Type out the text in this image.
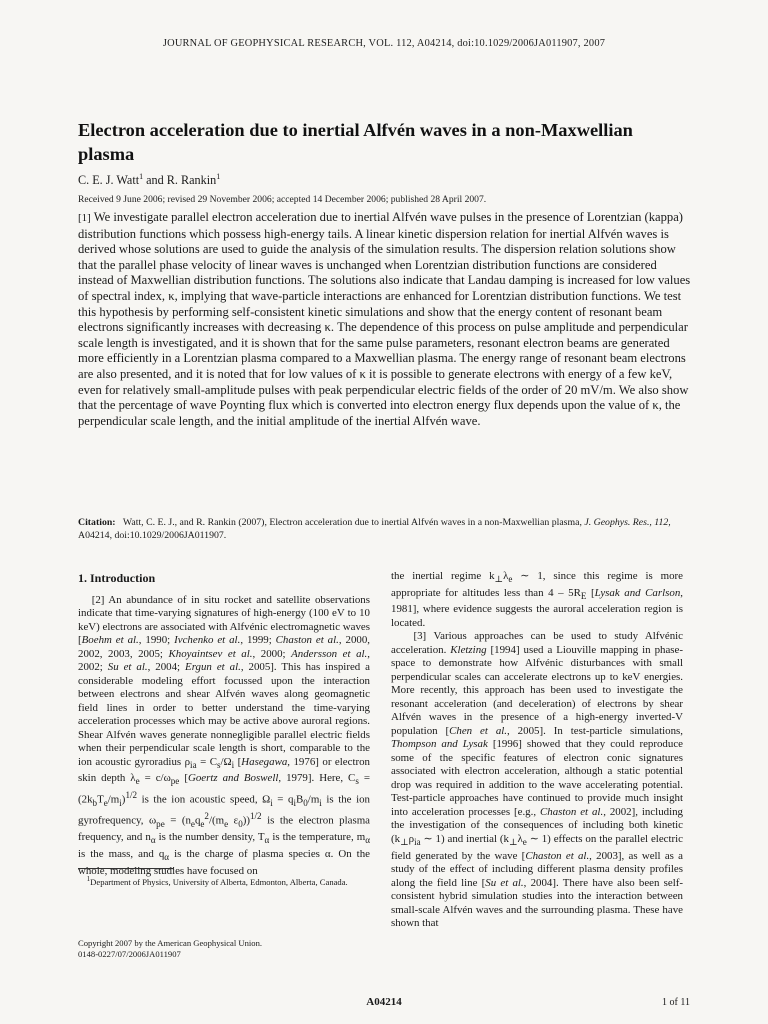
JOURNAL OF GEOPHYSICAL RESEARCH, VOL. 112, A04214, doi:10.1029/2006JA011907, 2007
Electron acceleration due to inertial Alfvén waves in a non-Maxwellian plasma
C. E. J. Watt$^1$ and R. Rankin$^1$
Received 9 June 2006; revised 29 November 2006; accepted 14 December 2006; published 28 April 2007.
[1] We investigate parallel electron acceleration due to inertial Alfvén wave pulses in the presence of Lorentzian (kappa) distribution functions which possess high-energy tails. A linear kinetic dispersion relation for inertial Alfvén waves is derived whose solutions are used to guide the analysis of the simulation results. The dispersion relation solutions show that the parallel phase velocity of linear waves is unchanged when Lorentzian distribution functions are considered instead of Maxwellian distribution functions. The solutions also indicate that Landau damping is increased for low values of spectral index, κ, implying that wave-particle interactions are enhanced for Lorentzian distribution functions. We test this hypothesis by performing self-consistent kinetic simulations and show that the energy content of resonant beam electrons significantly increases with decreasing κ. The dependence of this process on pulse amplitude and perpendicular scale length is investigated, and it is shown that for the same pulse parameters, resonant electron beams are generated more efficiently in a Lorentzian plasma compared to a Maxwellian plasma. The energy range of resonant beam electrons are also presented, and it is noted that for low values of κ it is possible to generate electrons with energy of a few keV, even for relatively small-amplitude pulses with peak perpendicular electric fields of the order of 20 mV/m. We also show that the percentage of wave Poynting flux which is converted into electron energy flux depends upon the value of κ, the perpendicular scale length, and the initial amplitude of the inertial Alfvén wave.
Citation: Watt, C. E. J., and R. Rankin (2007), Electron acceleration due to inertial Alfvén waves in a non-Maxwellian plasma, J. Geophys. Res., 112, A04214, doi:10.1029/2006JA011907.
1. Introduction

[2] An abundance of in situ rocket and satellite observations indicate that time-varying signatures of high-energy (100 eV to 10 keV) electrons are associated with Alfvénic electromagnetic waves [Boehm et al., 1990; Ivchenko et al., 1999; Chaston et al., 2000, 2002, 2003, 2005; Khoyaintsev et al., 2000; Andersson et al., 2002; Su et al., 2004; Ergun et al., 2005]. This has inspired a considerable modeling effort focussed upon the interaction between electrons and shear Alfvén waves along geomagnetic field lines in order to better understand the time-varying acceleration processes which may be active above auroral regions. Shear Alfvén waves generate nonnegligible parallel electric fields when their perpendicular scale length is short, comparable to the ion acoustic gyroradius $\rho_{ia} = C_s/\Omega_i$ [Hasegawa, 1976] or electron skin depth $\lambda_e = c/\omega_{pe}$ [Goertz and Boswell, 1979]. Here, $C_s = (2k_bT_e/m_i)^{1/2}$ is the ion acoustic speed, $\Omega_i = q_iB_0/m_i$ is the ion gyrofrequency, $\omega_{pe} = (n_eq_e^2/(m_e$ $\varepsilon_0))^{1/2}$ is the electron plasma frequency, and $n_\alpha$ is the number density, $T_\alpha$ is the temperature, $m_\alpha$ is the mass, and $q_\alpha$ is the charge of plasma species α. On the whole, modeling studies have focused on

the inertial regime $k_\perp\lambda_e$ ∼ 1, since this regime is more appropriate for altitudes less than $4 - 5R_E$ [Lysak and Carlson, 1981], where evidence suggests the auroral acceleration region is located.

[3] Various approaches can be used to study Alfvénic acceleration. Kletzing [1994] used a Liouville mapping in phase-space to demonstrate how Alfvénic disturbances with small perpendicular scales can accelerate electrons up to keV energies. More recently, this approach has been used to investigate the resonant acceleration (and deceleration) of electrons by shear Alfvén waves in the presence of a high-energy inverted-V population [Chen et al., 2005]. In test-particle simulations, Thompson and Lysak [1996] showed that they could reproduce some of the specific features of electron conic signatures associated with electron acceleration, although a static potential drop was required in addition to the wave accelerating potential. Test-particle approaches have continued to provide much insight into acceleration processes [e.g., Chaston et al., 2002], including the investigation of the consequences of including both kinetic ($k_\perp\rho_{ia}$ ∼ 1) and inertial ($k_\perp\lambda_e$ ∼ 1) effects on the parallel electric field generated by the wave [Chaston et al., 2003], as well as a study of the effect of including different plasma density profiles along the field line [Su et al., 2004]. There have also been self-consistent hybrid simulation studies into the interaction between small-scale Alfvén waves and the surrounding plasma. These have shown that

$^1$Department of Physics, University of Alberta, Edmonton, Alberta, Canada.
Copyright 2007 by the American Geophysical Union.
0148-0227/07/2006JA011907
A04214	1 of 11
